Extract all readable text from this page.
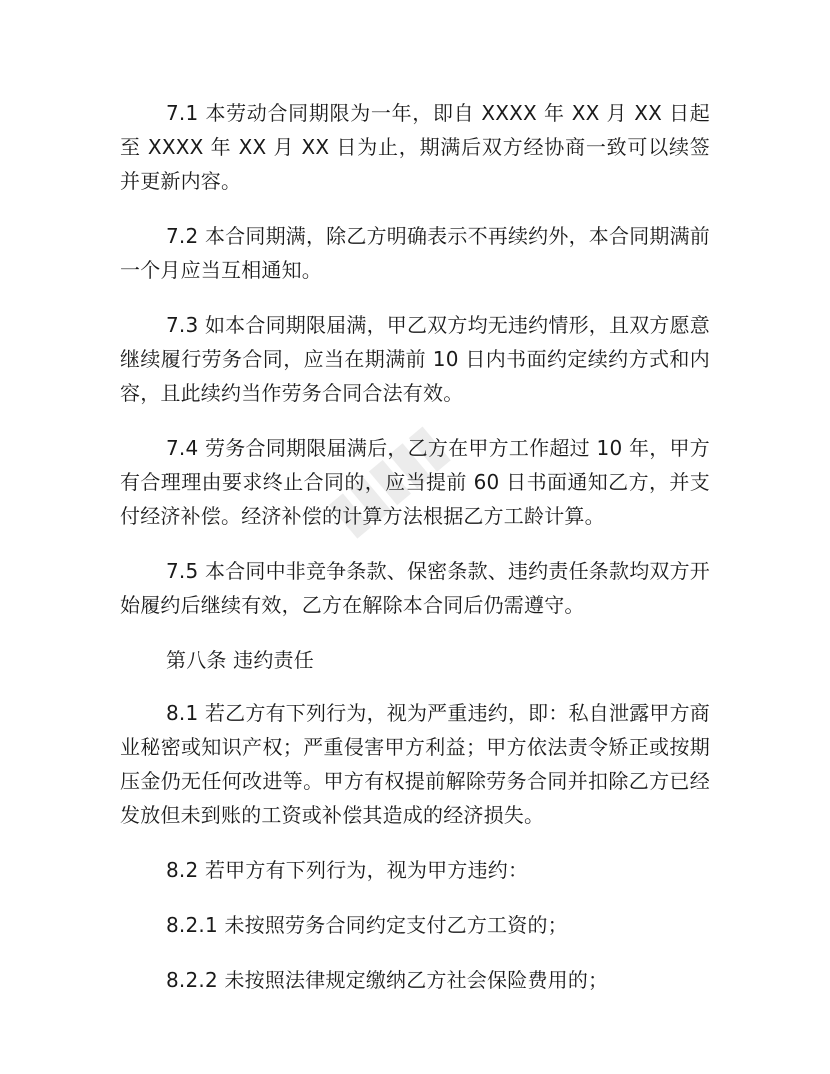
7.1 本劳动合同期限为一年，即自 XXXX 年 XX 月 XX 日起至 XXXX 年 XX 月 XX 日为止，期满后双方经协商一致可以续签并更新内容。

7.2 本合同期满，除乙方明确表示不再续约外，本合同期满前一个月应当互相通知。

7.3 如本合同期限届满，甲乙双方均无违约情形，且双方愿意继续履行劳务合同，应当在期满前 10 日内书面约定续约方式和内容，且此续约当作劳务合同合法有效。

7.4 劳务合同期限届满后，乙方在甲方工作超过 10 年，甲方有合理理由要求终止合同的，应当提前 60 日书面通知乙方，并支付经济补偿。经济补偿的计算方法根据乙方工龄计算。

7.5 本合同中非竞争条款、保密条款、违约责任条款均双方开始履约后继续有效，乙方在解除本合同后仍需遵守。

第八条 违约责任

8.1 若乙方有下列行为，视为严重违约，即：私自泄露甲方商业秘密或知识产权；严重侵害甲方利益；甲方依法责令矫正或按期压金仍无任何改进等。甲方有权提前解除劳务合同并扣除乙方已经发放但未到账的工资或补偿其造成的经济损失。

8.2 若甲方有下列行为，视为甲方违约：

8.2.1 未按照劳务合同约定支付乙方工资的；

8.2.2 未按照法律规定缴纳乙方社会保险费用的；
